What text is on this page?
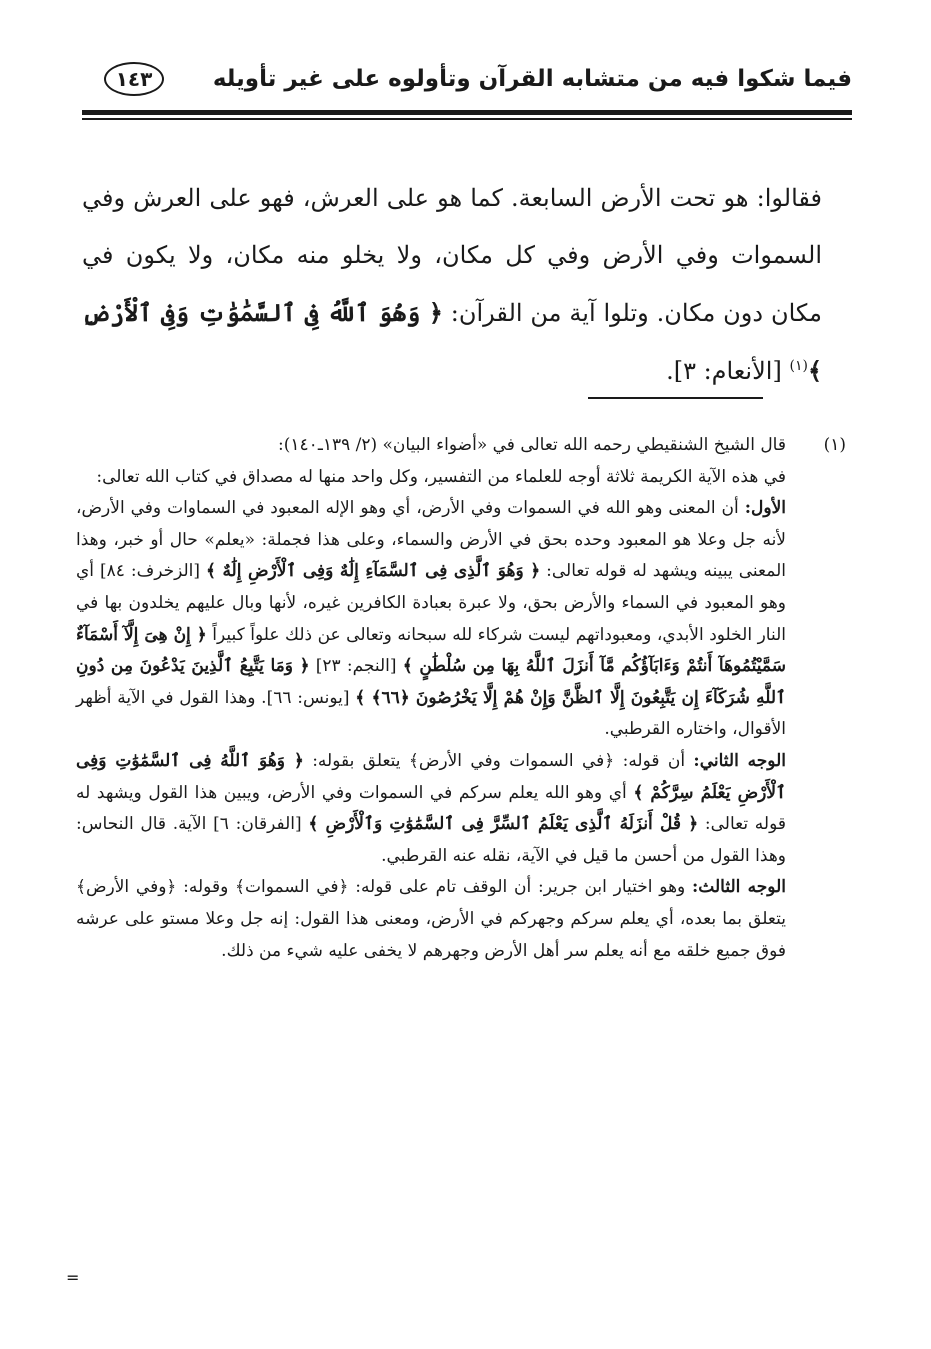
فيما شكوا فيه من متشابه القرآن وتأولوه على غير تأويله
١٤٣

فقالوا: هو تحت الأرض السابعة. كما هو على العرش، فهو على العرش وفي السموات وفي الأرض وفي كل مكان، ولا يخلو منه مكان، ولا يكون في مكان دون مكان. وتلوا آية من القرآن: ﴿ وَهُوَ ٱللَّهُ فِى ٱلسَّمَٰوَٰتِ وَفِى ٱلْأَرْضِ ﴾$^{(١)}$ [الأنعام: ٣].

(١)

قال الشيخ الشنقيطي رحمه الله تعالى في «أضواء البيان» (٢/ ١٣٩ـ١٤٠):

في هذه الآية الكريمة ثلاثة أوجه للعلماء من التفسير، وكل واحد منها له مصداق في كتاب الله تعالى:

الأول: أن المعنى وهو الله في السموات وفي الأرض، أي وهو الإله المعبود في السماوات وفي الأرض، لأنه جل وعلا هو المعبود وحده بحق في الأرض والسماء، وعلى هذا فجملة: «يعلم» حال أو خبر، وهذا المعنى يبينه ويشهد له قوله تعالى: ﴿ وَهُوَ ٱلَّذِى فِى ٱلسَّمَآءِ إِلَٰهٌ وَفِى ٱلْأَرْضِ إِلَٰهٌ ﴾ [الزخرف: ٨٤] أي وهو المعبود في السماء والأرض بحق، ولا عبرة بعبادة الكافرين غيره، لأنها وبال عليهم يخلدون بها في النار الخلود الأبدي، ومعبوداتهم ليست شركاء لله سبحانه وتعالى عن ذلك علواً كبيراً ﴿ إِنْ هِىَ إِلَّآ أَسْمَآءٌ سَمَّيْتُمُوهَآ أَنتُمْ وَءَابَآؤُكُم مَّآ أَنزَلَ ٱللَّهُ بِهَا مِن سُلْطَٰنٍ ﴾ [النجم: ٢٣] ﴿ وَمَا يَتَّبِعُ ٱلَّذِينَ يَدْعُونَ مِن دُونِ ٱللَّهِ شُرَكَآءَ إِن يَتَّبِعُونَ إِلَّا ٱلظَّنَّ وَإِنْ هُمْ إِلَّا يَخْرُصُونَ ﴿٦٦﴾ ﴾ [يونس: ٦٦]. وهذا القول في الآية أظهر الأقوال، واختاره القرطبي.

الوجه الثاني: أن قوله: ﴿في السموات وفي الأرض﴾ يتعلق بقوله: ﴿ وَهُوَ ٱللَّهُ فِى ٱلسَّمَٰوَٰتِ وَفِى ٱلْأَرْضِ يَعْلَمُ سِرَّكُمْ ﴾ أي وهو الله يعلم سركم في السموات وفي الأرض، ويبين هذا القول ويشهد له قوله تعالى: ﴿ قُلْ أَنزَلَهُ ٱلَّذِى يَعْلَمُ ٱلسِّرَّ فِى ٱلسَّمَٰوَٰتِ وَٱلْأَرْضِ ﴾ [الفرقان: ٦] الآية. قال النحاس: وهذا القول من أحسن ما قيل في الآية، نقله عنه القرطبي.

الوجه الثالث: وهو اختيار ابن جرير: أن الوقف تام على قوله: ﴿في السموات﴾ وقوله: ﴿وفي الأرض﴾ يتعلق بما بعده، أي يعلم سركم وجهركم في الأرض، ومعنى هذا القول: إنه جل وعلا مستو على عرشه فوق جميع خلقه مع أنه يعلم سر أهل الأرض وجهرهم لا يخفى عليه شيء من ذلك.

=
